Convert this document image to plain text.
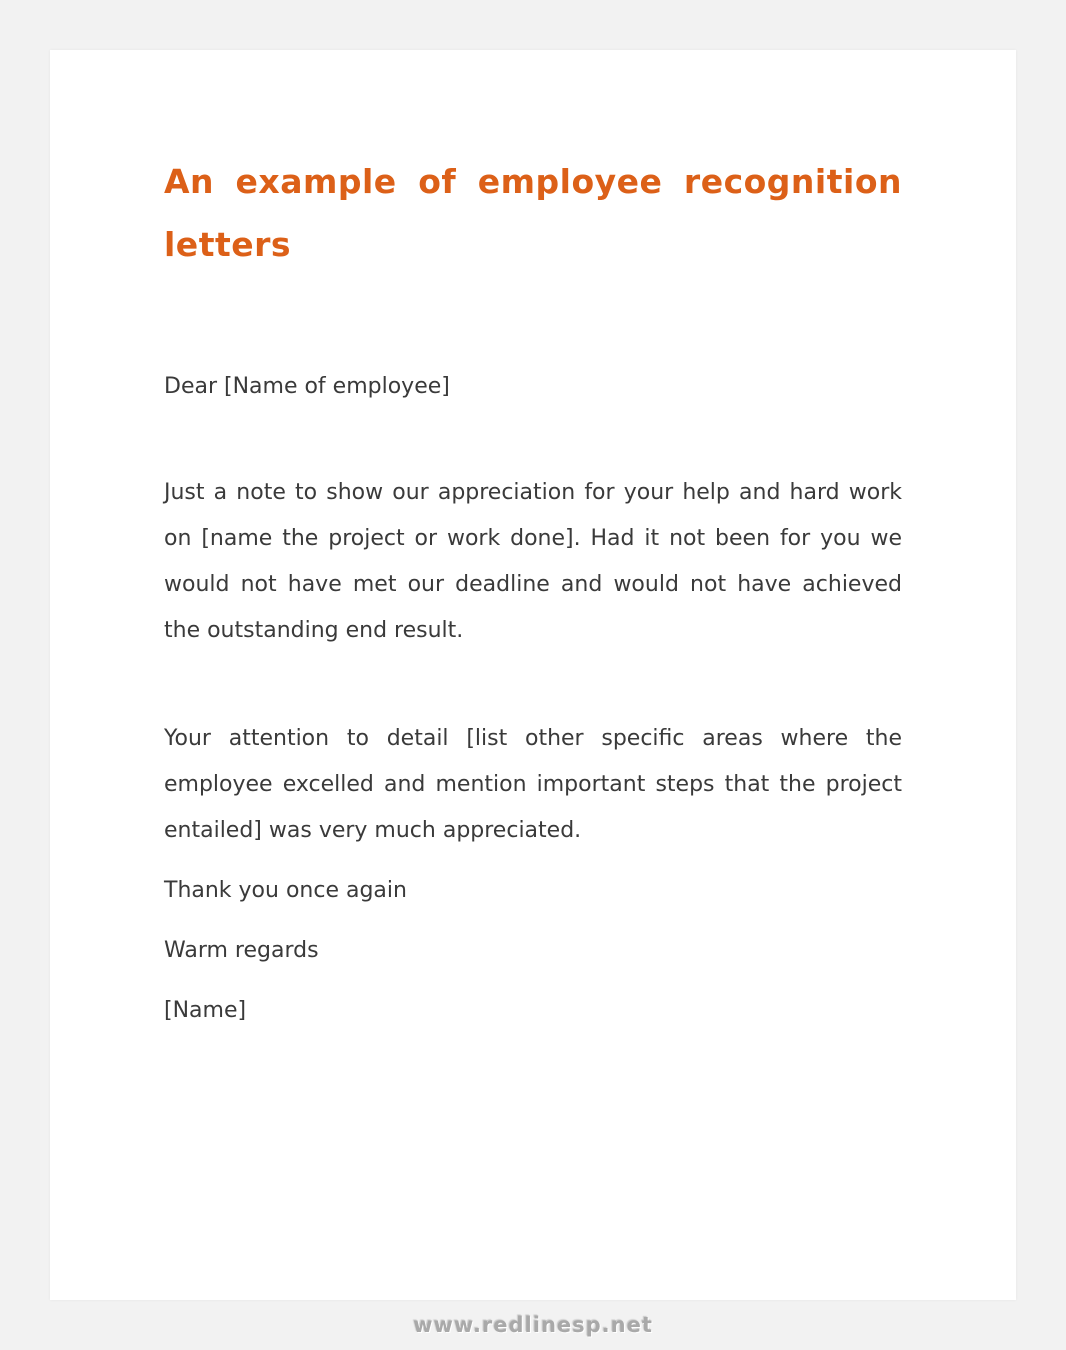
An example of employee recognition letters

Dear [Name of employee]

Just a note to show our appreciation for your help and hard work on [name the project or work done]. Had it not been for you we would not have met our deadline and would not have achieved the outstanding end result.

Your attention to detail [list other specific areas where the employee excelled and mention important steps that the project entailed] was very much appreciated.

Thank you once again

Warm regards

[Name]

www.redlinesp.net
